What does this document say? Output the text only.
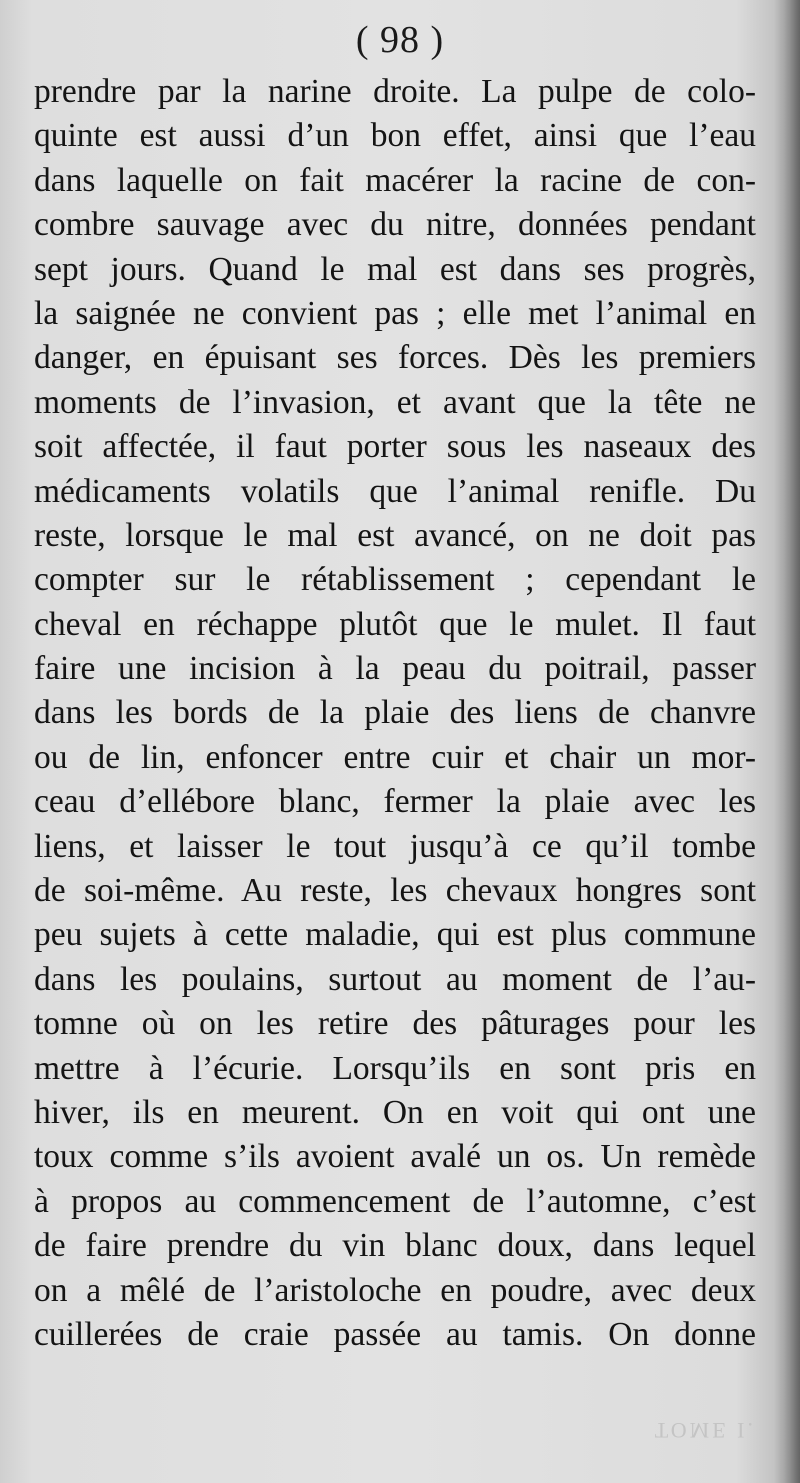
( 98 )
prendre par la narine droite. La pulpe de colo-
quinte est aussi d’un bon effet, ainsi que l’eau
dans laquelle on fait macérer la racine de con-
combre sauvage avec du nitre, données pendant
sept jours. Quand le mal est dans ses progrès,
la saignée ne convient pas ; elle met l’animal en
danger, en épuisant ses forces. Dès les premiers
moments de l’invasion, et avant que la tête ne
soit affectée, il faut porter sous les naseaux des
médicaments volatils que l’animal renifle. Du
reste, lorsque le mal est avancé, on ne doit pas
compter sur le rétablissement ; cependant le
cheval en réchappe plutôt que le mulet. Il faut
faire une incision à la peau du poitrail, passer
dans les bords de la plaie des liens de chanvre
ou de lin, enfoncer entre cuir et chair un mor-
ceau d’ellébore blanc, fermer la plaie avec les
liens, et laisser le tout jusqu’à ce qu’il tombe
de soi-même. Au reste, les chevaux hongres sont
peu sujets à cette maladie, qui est plus commune
dans les poulains, surtout au moment de l’au-
tomne où on les retire des pâturages pour les
mettre à l’écurie. Lorsqu’ils en sont pris en
hiver, ils en meurent. On en voit qui ont une
toux comme s’ils avoient avalé un os. Un remède
à propos au commencement de l’automne, c’est
de faire prendre du vin blanc doux, dans lequel
on a mêlé de l’aristoloche en poudre, avec deux
cuillerées de craie passée au tamis. On donne
TOME I.
